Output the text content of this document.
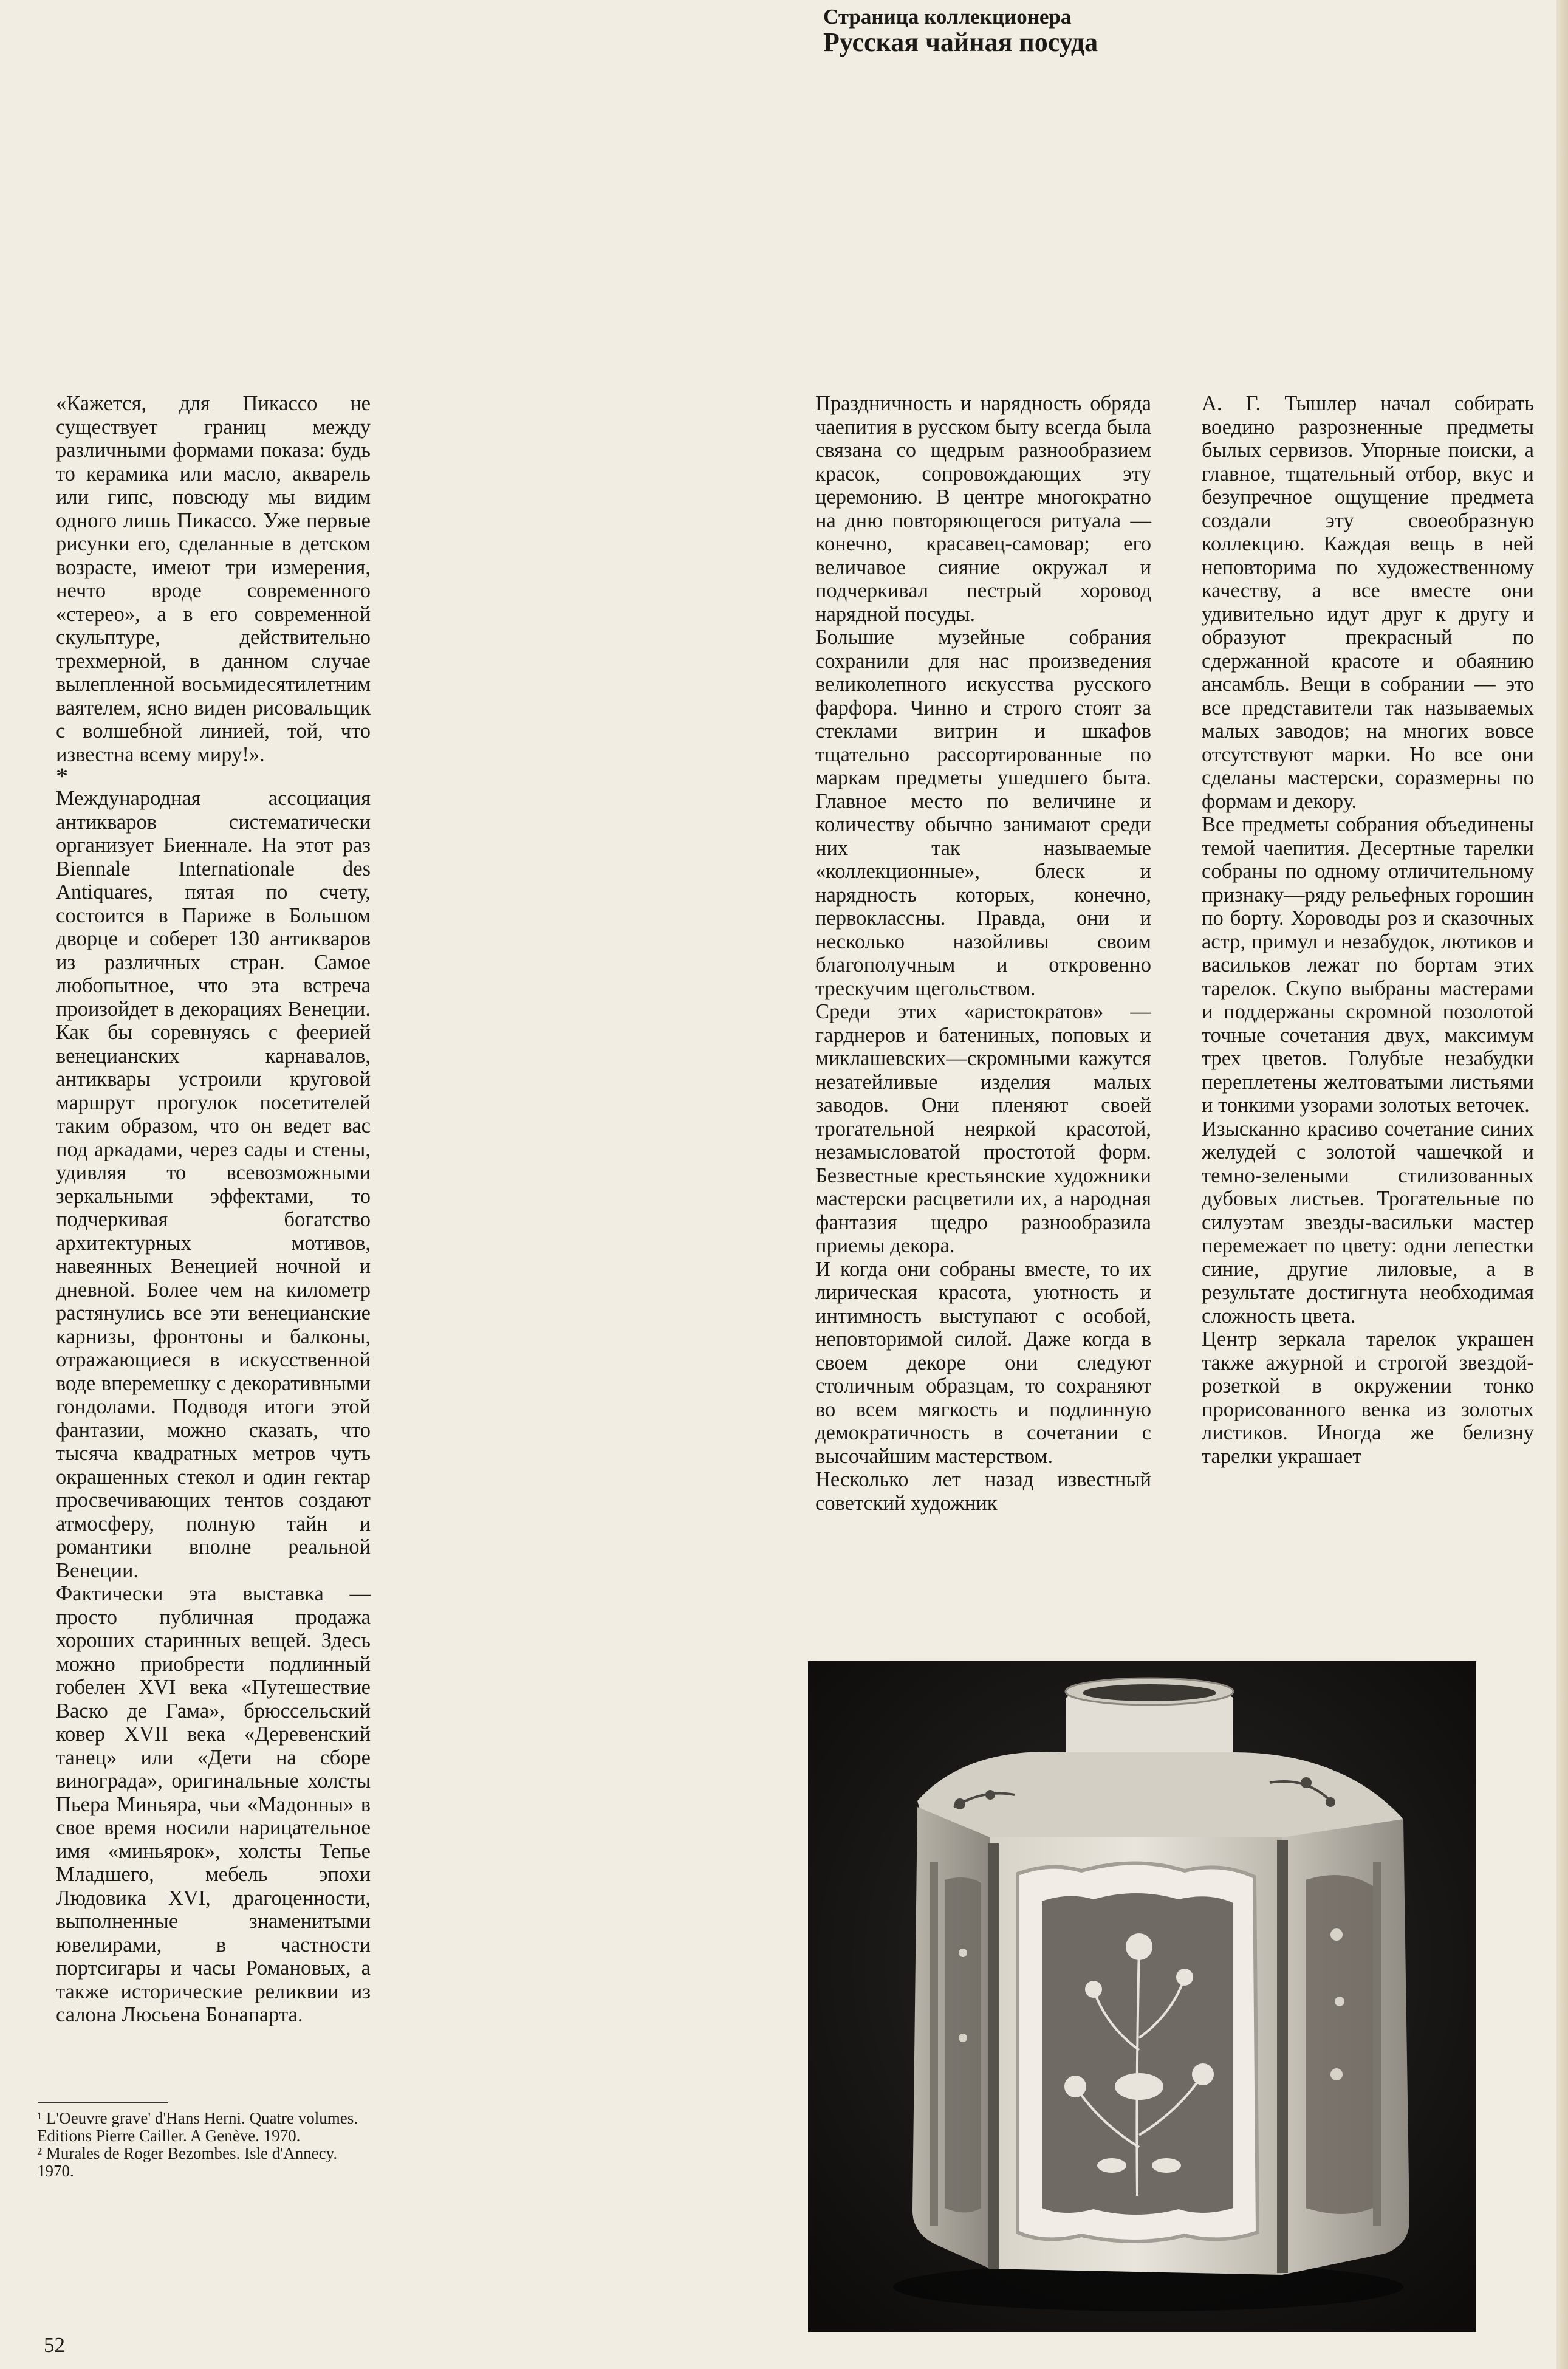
Страница коллекционера
Русская чайная посуда

«Кажется, для Пикассо не существует границ между различными формами показа: будь то керамика или масло, акварель или гипс, повсюду мы видим одного лишь Пикассо. Уже первые рисунки его, сделанные в детском возрасте, имеют три измерения, нечто вроде современного «стерео», а в его современной скульптуре, действительно трехмерной, в данном случае вылепленной восьмидесятилетним ваятелем, ясно виден рисовальщик с волшебной линией, той, что известна всему миру!».

*

Международная ассоциация антикваров систематически организует Биеннале. На этот раз Biennale Internationale des Antiquares, пятая по счету, состоится в Париже в Большом дворце и соберет 130 антикваров из различных стран. Самое любопытное, что эта встреча произойдет в декорациях Венеции. Как бы соревнуясь с феерией венецианских карнавалов, антиквары устроили круговой маршрут прогулок посетителей таким образом, что он ведет вас под аркадами, через сады и стены, удивляя то всевозможными зеркальными эффектами, то подчеркивая богатство архитектурных мотивов, навеянных Венецией ночной и дневной. Более чем на километр растянулись все эти венецианские карнизы, фронтоны и балконы, отражающиеся в искусственной воде вперемешку с декоративными гондолами. Подводя итоги этой фантазии, можно сказать, что тысяча квадратных метров чуть окрашенных стекол и один гектар просвечивающих тентов создают атмосферу, полную тайн и романтики вполне реальной Венеции.

Фактически эта выставка — просто публичная продажа хороших старинных вещей. Здесь можно приобрести подлинный гобелен XVI века «Путешествие Васко де Гама», брюссельский ковер XVII века «Деревенский танец» или «Дети на сборе винограда», оригинальные холсты Пьера Миньяра, чьи «Мадонны» в свое время носили нарицательное имя «миньярок», холсты Тепье Младшего, мебель эпохи Людовика XVI, драгоценности, выполненные знаменитыми ювелирами, в частности портсигары и часы Романовых, а также исторические реликвии из салона Люсьена Бонапарта.

Праздничность и нарядность обряда чаепития в русском быту всегда была связана со щедрым разнообразием красок, сопровождающих эту церемонию. В центре многократно на дню повторяющегося ритуала — конечно, красавец-самовар; его величавое сияние окружал и подчеркивал пестрый хоровод нарядной посуды.

Большие музейные собрания сохранили для нас произведения великолепного искусства русского фарфора. Чинно и строго стоят за стеклами витрин и шкафов тщательно рассортированные по маркам предметы ушедшего быта. Главное место по величине и количеству обычно занимают среди них так называемые «коллекционные», блеск и нарядность которых, конечно, первоклассны. Правда, они и несколько назойливы своим благополучным и откровенно трескучим щегольством.

Среди этих «аристократов» — гарднеров и батениных, поповых и миклашевских—скромными кажутся незатейливые изделия малых заводов. Они пленяют своей трогательной неяркой красотой, незамысловатой простотой форм. Безвестные крестьянские художники мастерски расцветили их, а народная фантазия щедро разнообразила приемы декора.

И когда они собраны вместе, то их лирическая красота, уютность и интимность выступают с особой, неповторимой силой. Даже когда в своем декоре они следуют столичным образцам, то сохраняют во всем мягкость и подлинную демократичность в сочетании с высочайшим мастерством.

Несколько лет назад известный советский художник

А. Г. Тышлер начал собирать воедино разрозненные предметы былых сервизов. Упорные поиски, а главное, тщательный отбор, вкус и безупречное ощущение предмета создали эту своеобразную коллекцию. Каждая вещь в ней неповторима по художественному качеству, а все вместе они удивительно идут друг к другу и образуют прекрасный по сдержанной красоте и обаянию ансамбль. Вещи в собрании — это все представители так называемых малых заводов; на многих вовсе отсутствуют марки. Но все они сделаны мастерски, соразмерны по формам и декору.

Все предметы собрания объединены темой чаепития. Десертные тарелки собраны по одному отличительному признаку—ряду рельефных горошин по борту. Хороводы роз и сказочных астр, примул и незабудок, лютиков и васильков лежат по бортам этих тарелок. Скупо выбраны мастерами и поддержаны скромной позолотой точные сочетания двух, максимум трех цветов. Голубые незабудки переплетены желтоватыми листьями и тонкими узорами золотых веточек.

Изысканно красиво сочетание синих желудей с золотой чашечкой и темно-зелеными стилизованных дубовых листьев. Трогательные по силуэтам звезды-васильки мастер перемежает по цвету: одни лепестки синие, другие лиловые, а в результате достигнута необходимая сложность цвета.

Центр зеркала тарелок украшен также ажурной и строгой звездой-розеткой в окружении тонко прорисованного венка из золотых листиков. Иногда же белизну тарелки украшает

¹ L'Oeuvre grave' d'Hans Herni. Quatre volumes. Editions Pierre Cailler. A Genève. 1970.

² Murales de Roger Bezombes. Isle d'Annecy. 1970.

52
